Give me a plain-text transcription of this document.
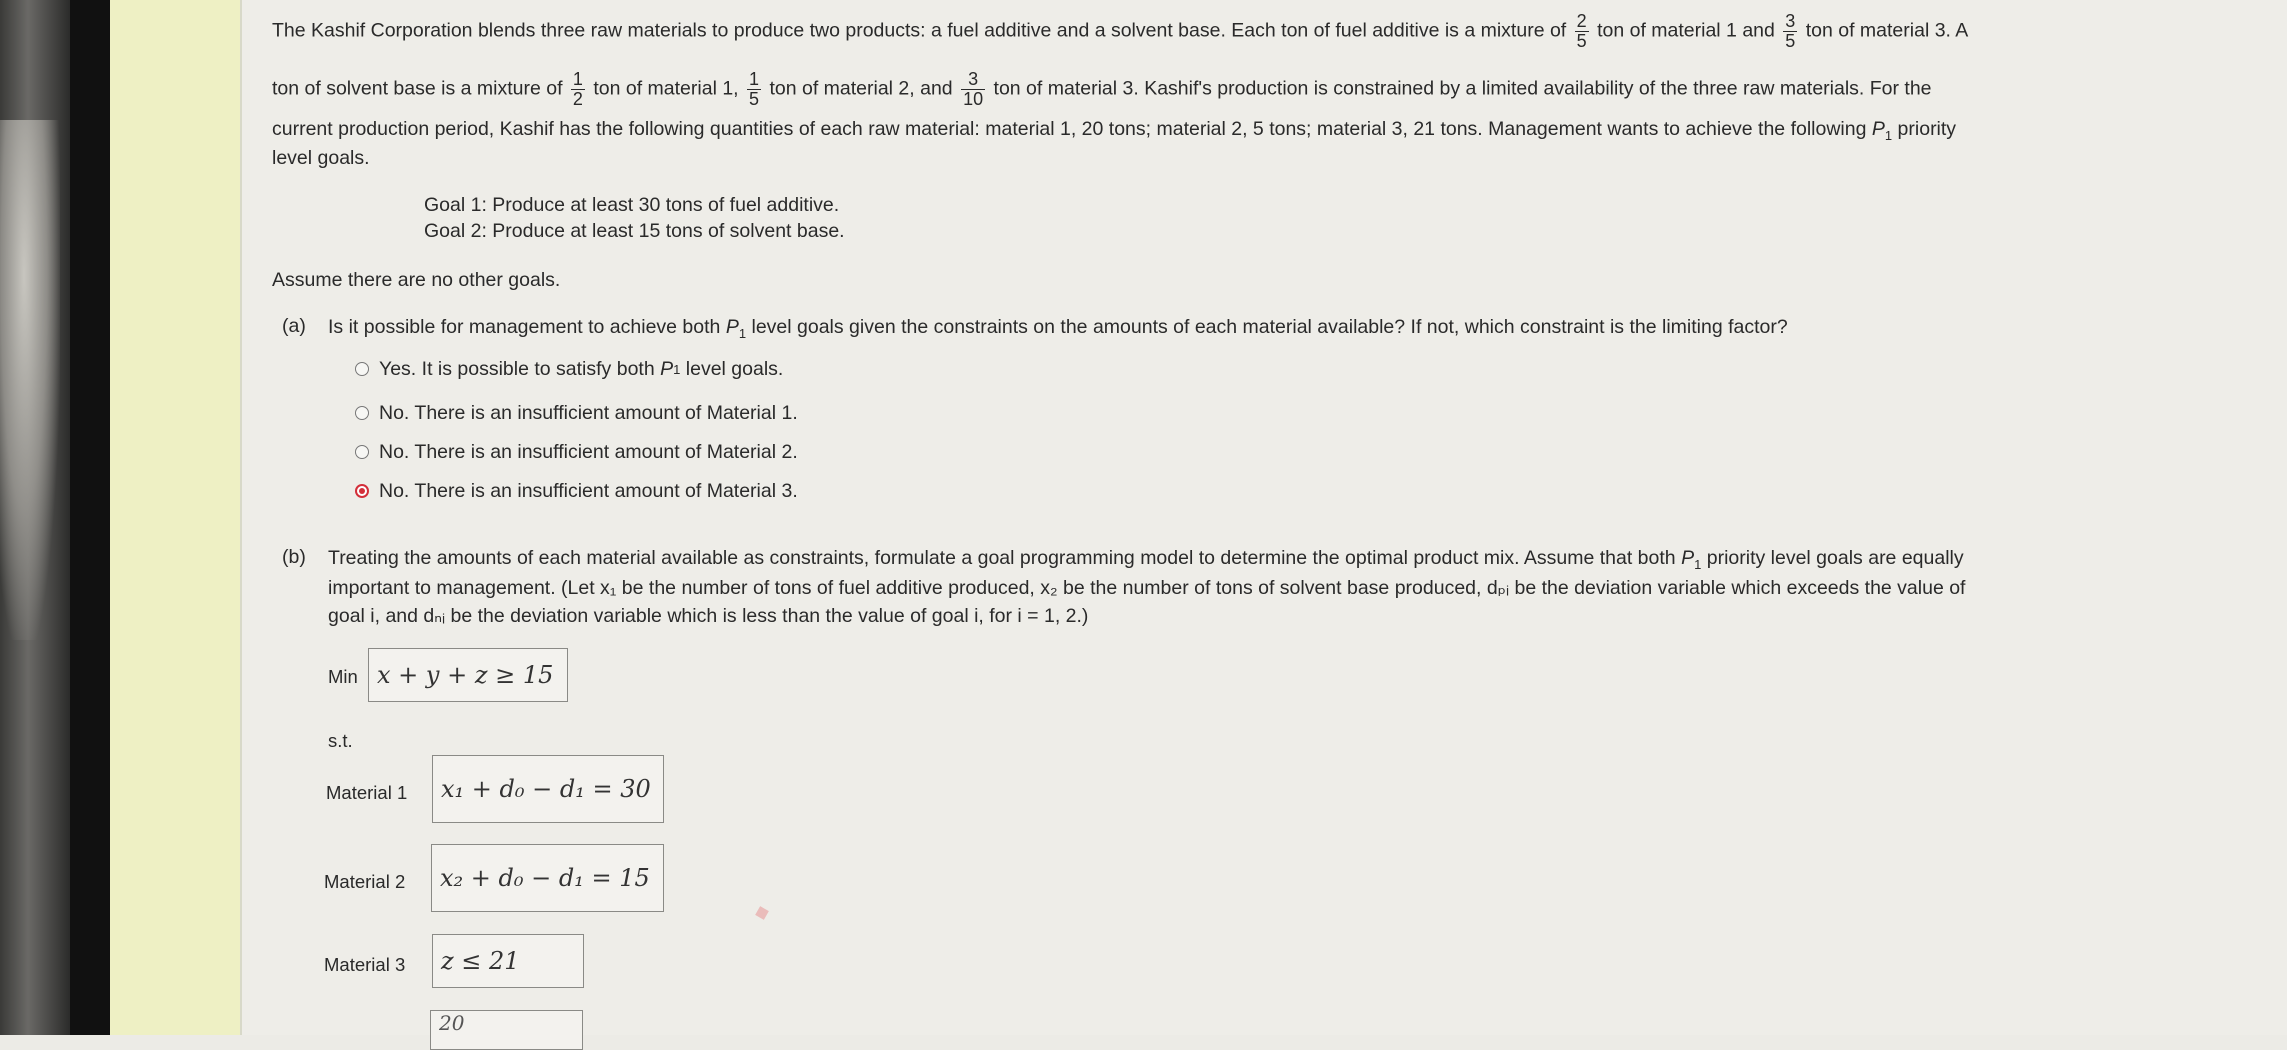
The Kashif Corporation blends three raw materials to produce two products: a fuel additive and a solvent base. Each ton of fuel additive is a mixture of $\frac{2}{5}$ ton of material 1 and $\frac{3}{5}$ ton of material 3. A
ton of solvent base is a mixture of $\frac{1}{2}$ ton of material 1, $\frac{1}{5}$ ton of material 2, and $\frac{3}{10}$ ton of material 3. Kashif's production is constrained by a limited availability of the three raw materials. For the
current production period, Kashif has the following quantities of each raw material: material 1, 20 tons; material 2, 5 tons; material 3, 21 tons. Management wants to achieve the following $P_1$ priority
level goals.
Goal 1: Produce at least 30 tons of fuel additive.
Goal 2: Produce at least 15 tons of solvent base.
Assume there are no other goals.
(a) Is it possible for management to achieve both $P_1$ level goals given the constraints on the amounts of each material available? If not, which constraint is the limiting factor?
Yes. It is possible to satisfy both
P 1
level goals.
No. There is an insufficient amount of Material 1.
No. There is an insufficient amount of Material 2.
No. There is an insufficient amount of Material 3.
(b) Treating the amounts of each material available as constraints, formulate a goal programming model to determine the optimal product mix. Assume that both $P_1$ priority level goals are equally
important to management. (Let x₁ be the number of tons of fuel additive produced, x₂ be the number of tons of solvent base produced, dₚᵢ be the deviation variable which exceeds the value of
goal i, and dₙᵢ be the deviation variable which is less than the value of goal i, for i = 1, 2.)
Min x + y + z ≥ 15
s.t.
Material 1	x₁ + d₀ − d₁ = 30
Material 2	x₂ + d₀ − d₁ = 15
Material 3	z ≤ 21
20
